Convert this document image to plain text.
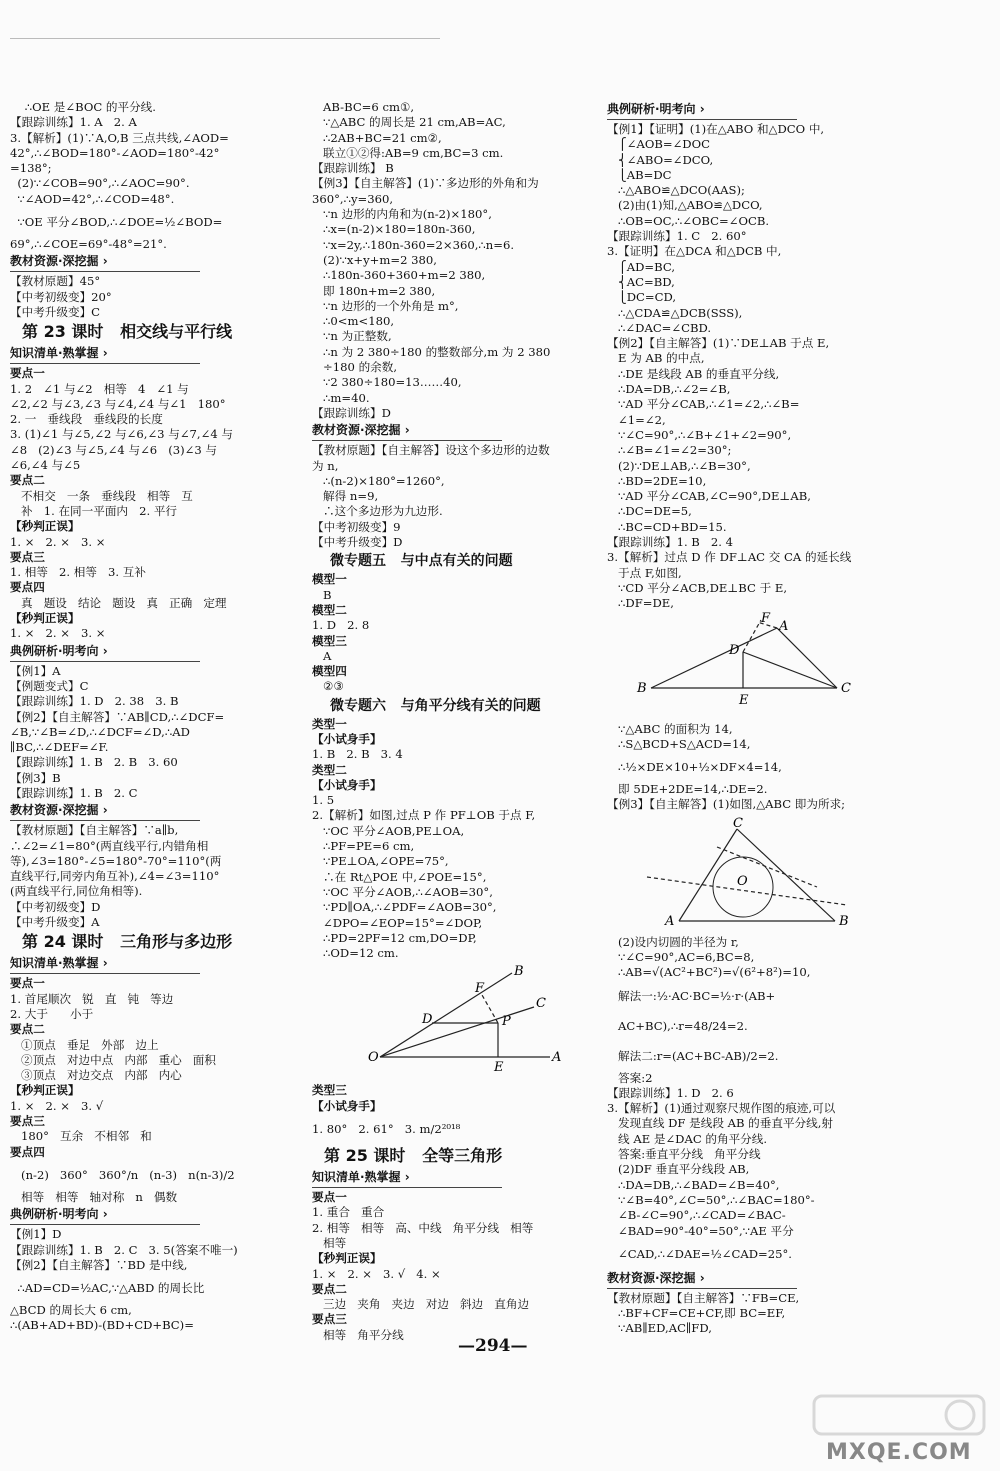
∴OE 是∠BOC 的平分线.
【跟踪训练】1. A   2. A
3.【解析】(1)∵A,O,B 三点共线,∠AOD=
42°,∴∠BOD=180°-∠AOD=180°-42°
=138°;
(2)∵∠COB=90°,∴∠AOC=90°.
∵∠AOD=42°,∴∠COD=48°.
∵OE 平分∠BOD,∴∠DOE=½∠BOD=
69°,∴∠COE=69°-48°=21°.
教材资源·深挖掘 ›
【教材原题】45°
【中考初级变】20°
【中考升级变】C
第 23 课时   相交线与平行线
知识清单·熟掌握 ›
要点一
1. 2   ∠1 与∠2   相等   4   ∠1 与
∠2,∠2 与∠3,∠3 与∠4,∠4 与∠1   180°
2. 一   垂线段   垂线段的长度
3. (1)∠1 与∠5,∠2 与∠6,∠3 与∠7,∠4 与
∠8   (2)∠3 与∠5,∠4 与∠6   (3)∠3 与
∠6,∠4 与∠5
要点二
不相交   一条   垂线段   相等   互
补   1. 在同一平面内   2. 平行
【秒判正误】
1. ×   2. ×   3. ×
要点三
1. 相等   2. 相等   3. 互补
要点四
真   题设   结论   题设   真   正确   定理
【秒判正误】
1. ×   2. ×   3. ×
典例研析·明考向 ›
【例1】A
【例题变式】C
【跟踪训练】1. D   2. 38   3. B
【例2】【自主解答】∵AB∥CD,∴∠DCF=
∠B,∵∠B=∠D,∴∠DCF=∠D,∴AD
∥BC,∴∠DEF=∠F.
【跟踪训练】1. B   2. B   3. 60
【例3】B
【跟踪训练】1. B   2. C
教材资源·深挖掘 ›
【教材原题】【自主解答】∵a∥b,
∴∠2=∠1=80°(两直线平行,内错角相
等),∠3=180°-∠5=180°-70°=110°(两
直线平行,同旁内角互补),∠4=∠3=110°
(两直线平行,同位角相等).
【中考初级变】D
【中考升级变】A
第 24 课时   三角形与多边形
知识清单·熟掌握 ›
要点一
1. 首尾顺次   锐   直   钝   等边
2. 大于      小于
要点二
①顶点   垂足   外部   边上
②顶点   对边中点   内部   重心   面积
③顶点   对边交点   内部   内心
【秒判正误】
1. ×   2. ×   3. √
要点三
180°   互余   不相邻   和
要点四
(n-2)   360°   360°/n   (n-3)   n(n-3)/2
相等   相等   轴对称   n   偶数
典例研析·明考向 ›
【例1】D
【跟踪训练】1. B   2. C   3. 5(答案不唯一)
【例2】【自主解答】∵BD 是中线,
∴AD=CD=½AC,∵△ABD 的周长比
△BCD 的周长大 6 cm,
∴(AB+AD+BD)-(BD+CD+BC)=
AB-BC=6 cm①,
∵△ABC 的周长是 21 cm,AB=AC,
∴2AB+BC=21 cm②,
联立①②得:AB=9 cm,BC=3 cm.
【跟踪训练】 B
【例3】【自主解答】(1)∵多边形的外角和为
360°,∴y=360,
∵n 边形的内角和为(n-2)×180°,
∴x=(n-2)×180=180n-360,
∵x=2y,∴180n-360=2×360,∴n=6.
(2)∵x+y+m=2 380,
∴180n-360+360+m=2 380,
即 180n+m=2 380,
∵n 边形的一个外角是 m°,
∴0<m<180,
∵n 为正整数,
∴n 为 2 380÷180 的整数部分,m 为 2 380
÷180 的余数,
∵2 380÷180=13……40,
∴m=40.
【跟踪训练】D
教材资源·深挖掘 ›
【教材原题】【自主解答】设这个多边形的边数
为 n,
∴(n-2)×180°=1260°,
解得 n=9,
∴这个多边形为九边形.
【中考初级变】9
【中考升级变】D
微专题五   与中点有关的问题
模型一
B
模型二
1. D   2. 8
模型三
A
模型四
②③
微专题六   与角平分线有关的问题
类型一
【小试身手】
1. B   2. B   3. 4
类型二
【小试身手】
1. 5
2.【解析】如图,过点 P 作 PF⊥OB 于点 F,
∵OC 平分∠AOB,PE⊥OA,
∴PF=PE=6 cm,
∵PE⊥OA,∠OPE=75°,
∴在 Rt△POE 中,∠POE=15°,
∵OC 平分∠AOB,∴∠AOB=30°,
∵PD∥OA,∴∠PDF=∠AOB=30°,
∠DPO=∠EOP=15°=∠DOP,
∴PD=2PF=12 cm,DO=DP,
∴OD=12 cm.
B
F
C
D	P
O
E
A
类型三
【小试身手】
1. 80°   2. 61°   3. m/2²⁰¹⁸
第 25 课时   全等三角形
知识清单·熟掌握 ›
要点一
1. 重合   重合
2. 相等   相等   高、中线   角平分线   相等
相等
【秒判正误】
1. ×   2. ×   3. √   4. ×
要点二
三边   夹角   夹边   对边   斜边   直角边
要点三
相等   角平分线
典例研析·明考向 ›
【例1】【证明】(1)在△ABO 和△DCO 中,
⎧∠AOB=∠DOC
⎨∠ABO=∠DCO,
⎩AB=DC
∴△ABO≌△DCO(AAS);
(2)由(1)知,△ABO≌△DCO,
∴OB=OC,∴∠OBC=∠OCB.
【跟踪训练】1. C   2. 60°
3.【证明】在△DCA 和△DCB 中,
⎧AD=BC,
⎨AC=BD,
⎩DC=CD,
∴△CDA≌△DCB(SSS),
∴∠DAC=∠CBD.
【例2】【自主解答】(1)∵DE⊥AB 于点 E,
E 为 AB 的中点,
∴DE 是线段 AB 的垂直平分线,
∴DA=DB,∴∠2=∠B,
∵AD 平分∠CAB,∴∠1=∠2,∴∠B=
∠1=∠2,
∵∠C=90°,∴∠B+∠1+∠2=90°,
∴∠B=∠1=∠2=30°;
(2)∵DE⊥AB,∴∠B=30°,
∴BD=2DE=10,
∵AD 平分∠CAB,∠C=90°,DE⊥AB,
∴DC=DE=5,
∴BC=CD+BD=15.
【跟踪训练】1. B   2. 4
3.【解析】过点 D 作 DF⊥AC 交 CA 的延长线
于点 F,如图,
∵CD 平分∠ACB,DE⊥BC 于 E,
∴DF=DE,
F
A
D
B
E
C
∵△ABC 的面积为 14,
∴S△BCD+S△ACD=14,
∴½×DE×10+½×DF×4=14,
即 5DE+2DE=14,∴DE=2.
【例3】【自主解答】(1)如图,△ABC 即为所求;
C
O
A	B
(2)设内切圆的半径为 r,
∵∠C=90°,AC=6,BC=8,
∴AB=√(AC²+BC²)=√(6²+8²)=10,
解法一:½·AC·BC=½·r·(AB+
AC+BC),∴r=48/24=2.
解法二:r=(AC+BC-AB)/2=2.
答案:2
【跟踪训练】1. D   2. 6
3.【解析】(1)通过观察尺规作图的痕迹,可以
发现直线 DF 是线段 AB 的垂直平分线,射
线 AE 是∠DAC 的角平分线.
答案:垂直平分线   角平分线
(2)DF 垂直平分线段 AB,
∴DA=DB,∴∠BAD=∠B=40°,
∵∠B=40°,∠C=50°,∴∠BAC=180°-
∠B-∠C=90°,∴∠CAD=∠BAC-
∠BAD=90°-40°=50°,∵AE 平分
∠CAD,∴∠DAE=½∠CAD=25°.
教材资源·深挖掘 ›
【教材原题】【自主解答】∵FB=CE,
∴BF+CF=CE+CF,即 BC=EF,
∵AB∥ED,AC∥FD,
—294—
MXQE.COM
